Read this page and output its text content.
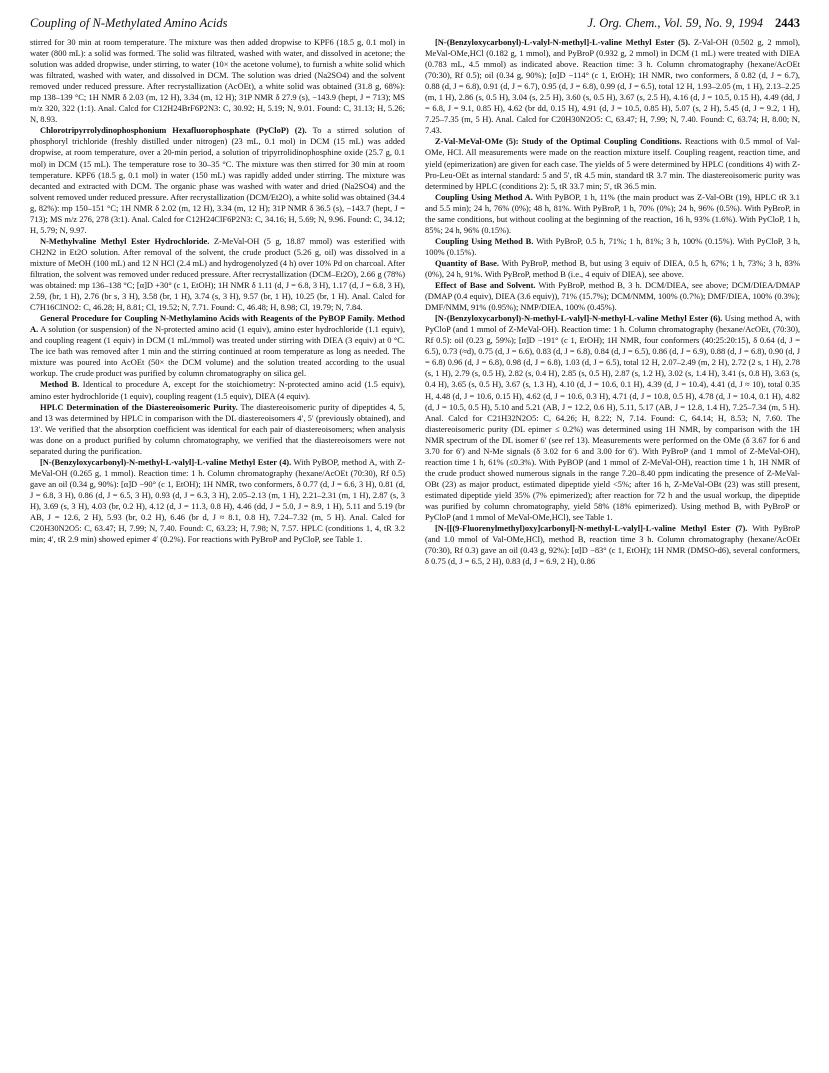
Coupling of N-Methylated Amino Acids	J. Org. Chem., Vol. 59, No. 9, 1994 2443

stirred for 30 min at room temperature. The mixture was then added dropwise to KPF6 (18.5 g, 0.1 mol) in water (800 mL): a solid was formed. The solid was filtrated, washed with water, and dissolved in acetone; the solution was added dropwise, under stirring, to water (10× the acetone volume), to furnish a white solid which was filtrated, washed with water, and dissolved in DCM. The solution was dried (Na2SO4) and the solvent removed under reduced pressure. After recrystallization (AcOEt), a white solid was obtained (31.8 g, 68%): mp 138–139 °C; 1H NMR δ 2.03 (m, 12 H), 3.34 (m, 12 H); 31P NMR δ 27.9 (s), −143.9 (hept, J = 713); MS m/z 320, 322 (1:1). Anal. Calcd for C12H24BrF6P2N3: C, 30.92; H, 5.19; N, 9.01. Found: C, 31.13; H, 5.26; N, 8.93.

Chlorotripyrrolydinophosphonium Hexafluorophosphate (PyCloP) (2). To a stirred solution of phosphoryl trichloride (freshly distilled under nitrogen) (23 mL, 0.1 mol) in DCM (15 mL) was added dropwise, at room temperature, over a 20-min period, a solution of tripyrrolidinophosphine oxide (25.7 g, 0.1 mol) in DCM (15 mL). The temperature rose to 30–35 °C. The mixture was then stirred for 30 min at room temperature. KPF6 (18.5 g, 0.1 mol) in water (150 mL) was rapidly added under stirring. The mixture was decanted and extracted with DCM. The organic phase was washed with water and dried (Na2SO4) and the solvent removed under reduced pressure. After recrystallization (DCM/Et2O), a white solid was obtained (34.4 g, 82%): mp 150–151 °C; 1H NMR δ 2.02 (m, 12 H), 3.34 (m, 12 H); 31P NMR δ 36.5 (s), −143.7 (hept, J = 713); MS m/z 276, 278 (3:1). Anal. Calcd for C12H24ClF6P2N3: C, 34.16; H, 5.69; N, 9.96. Found: C, 34.12; H, 5.79; N, 9.97.

N-Methylvaline Methyl Ester Hydrochloride. Z-MeVal-OH (5 g, 18.87 mmol) was esterified with CH2N2 in Et2O solution. After removal of the solvent, the crude product (5.26 g, oil) was dissolved in a mixture of MeOH (100 mL) and 12 N HCl (2.4 mL) and hydrogenolyzed (4 h) over 10% Pd on charcoal. After filtration, the solvent was removed under reduced pressure. After recrystallization (DCM–Et2O), 2.66 g (78%) was obtained: mp 136–138 °C; [α]D +30° (c 1, EtOH); 1H NMR δ 1.11 (d, J = 6.8, 3 H), 1.17 (d, J = 6.8, 3 H), 2.59, (br, 1 H), 2.76 (br s, 3 H), 3.58 (br, 1 H), 3.74 (s, 3 H), 9.57 (br, 1 H), 10.25 (br, 1 H). Anal. Calcd for C7H16ClNO2: C, 46.28; H, 8.81; Cl, 19.52; N, 7.71. Found: C, 46.48; H, 8.98; Cl, 19.79; N, 7.84.

General Procedure for Coupling N-Methylamino Acids with Reagents of the PyBOP Family. Method A. A solution (or suspension) of the N-protected amino acid (1 equiv), amino ester hydrochloride (1.1 equiv), and coupling reagent (1 equiv) in DCM (1 mL/mmol) was treated under stirring with DIEA (3 equiv) at 0 °C. The ice bath was removed after 1 min and the stirring continued at room temperature as long as needed. The mixture was poured into AcOEt (50× the DCM volume) and the solution treated according to the usual workup. The crude product was purified by column chromatography on silica gel.

Method B. Identical to procedure A, except for the stoichiometry: N-protected amino acid (1.5 equiv), amino ester hydrochloride (1 equiv), coupling reagent (1.5 equiv), DIEA (4 equiv).

HPLC Determination of the Diastereoisomeric Purity. The diastereoisomeric purity of dipeptides 4, 5, and 13 was determined by HPLC in comparison with the DL diastereoisomers 4′, 5′ (previously obtained), and 13′. We verified that the absorption coefficient was identical for each pair of diastereoisomers; when analysis was done on a product purified by column chromatography, we verified that the diastereoisomers were not separated during the purification.

[N-(Benzyloxycarbonyl)-N-methyl-L-valyl]-L-valine Methyl Ester (4). With PyBOP, method A, with Z-MeVal-OH (0.265 g, 1 mmol). Reaction time: 1 h. Column chromatography (hexane/AcOEt (70:30), Rf 0.5) gave an oil (0.34 g, 90%): [α]D −90° (c 1, EtOH); 1H NMR, two conformers, δ 0.77 (d, J = 6.6, 3 H), 0.81 (d, J = 6.8, 3 H), 0.86 (d, J = 6.5, 3 H), 0.93 (d, J = 6.3, 3 H), 2.05–2.13 (m, 1 H), 2.21–2.31 (m, 1 H), 2.87 (s, 3 H), 3.69 (s, 3 H), 4.03 (br, 0.2 H), 4.12 (d, J = 11.3, 0.8 H), 4.46 (dd, J = 5.0, J = 8.9, 1 H), 5.11 and 5.19 (br AB, J = 12.6, 2 H), 5.93 (br, 0.2 H), 6.46 (br d, J ≈ 8.1, 0.8 H), 7.24–7.32 (m, 5 H). Anal. Calcd for C20H30N2O5: C, 63.47; H, 7.99; N, 7.40. Found: C, 63.23; H, 7.98; N, 7.57. HPLC (conditions 1, 4, tR 3.2 min; 4′, tR 2.9 min) showed epimer 4′ (0.2%). For reactions with PyBroP and PyCloP, see Table 1.

[N-(Benzyloxycarbonyl)-L-valyl-N-methyl]-L-valine Methyl Ester (5). Z-Val-OH (0.502 g, 2 mmol), MeVal-OMe,HCl (0.182 g, 1 mmol), and PyBroP (0.932 g, 2 mmol) in DCM (1 mL) were treated with DIEA (0.783 mL, 4.5 mmol) as indicated above. Reaction time: 3 h. Column chromatography (hexane/AcOEt (70:30), Rf 0.5); oil (0.34 g, 90%); [α]D −114° (c 1, EtOH); 1H NMR, two conformers, δ 0.82 (d, J = 6.7), 0.88 (d, J = 6.8), 0.91 (d, J = 6.7), 0.95 (d, J = 6.8), 0.99 (d, J = 6.5), total 12 H, 1.93–2.05 (m, 1 H), 2.13–2.25 (m, 1 H), 2.86 (s, 0.5 H), 3.04 (s, 2.5 H), 3.60 (s, 0.5 H), 3.67 (s, 2.5 H), 4.16 (d, J = 10.5, 0.15 H), 4.49 (dd, J = 6.8, J = 9.1, 0.85 H), 4.62 (br dd, 0.15 H), 4.91 (d, J = 10.5, 0.85 H), 5.07 (s, 2 H), 5.45 (d, J = 9.2, 1 H), 7.25–7.35 (m, 5 H). Anal. Calcd for C20H30N2O5: C, 63.47; H, 7.99; N, 7.40. Found: C, 63.74; H, 8.00; N, 7.43.

Z-Val-MeVal-OMe (5): Study of the Optimal Coupling Conditions. Reactions with 0.5 mmol of Val-OMe, HCl. All measurements were made on the reaction mixture itself. Coupling reagent, reaction time, and yield (epimerization) are given for each case. The yields of 5 were determined by HPLC (conditions 4) with Z-Pro-Leu-OEt as internal standard: 5 and 5′, tR 4.5 min, standard tR 3.7 min. The diastereoisomeric purity was determined by HPLC (conditions 2): 5, tR 33.7 min; 5′, tR 36.5 min.

Coupling Using Method A. With PyBOP, 1 h, 11% (the main product was Z-Val-OBt (19), HPLC tR 3.1 and 5.5 min); 24 h, 76% (0%); 48 h, 81%. With PyBroP, 1 h, 70% (0%); 24 h, 96% (0.5%). With PyBroP, in the same conditions, but without cooling at the beginning of the reaction, 16 h, 93% (1.6%). With PyCloP, 1 h, 85%; 24 h, 96% (0.15%).

Coupling Using Method B. With PyBroP, 0.5 h, 71%; 1 h, 81%; 3 h, 100% (0.15%). With PyCloP, 3 h, 100% (0.15%).

Quantity of Base. With PyBroP, method B, but using 3 equiv of DIEA, 0.5 h, 67%; 1 h, 73%; 3 h, 83% (0%), 24 h, 91%. With PyBroP, method B (i.e., 4 equiv of DIEA), see above.

Effect of Base and Solvent. With PyBroP, method B, 3 h. DCM/DIEA, see above; DCM/DIEA/DMAP (DMAP (0.4 equiv), DIEA (3.6 equiv)), 71% (15.7%); DCM/NMM, 100% (0.7%); DMF/DIEA, 100% (0.3%); DMF/NMM, 91% (0.95%); NMP/DIEA, 100% (0.45%).

[N-(Benzyloxycarbonyl)-N-methyl-L-valyl]-N-methyl-L-valine Methyl Ester (6). Using method A, with PyCloP (and 1 mmol of Z-MeVal-OH). Reaction time: 1 h. Column chromatography (hexane/AcOEt, (70:30), Rf 0.5): oil (0.23 g, 59%); [α]D −191° (c 1, EtOH); 1H NMR, four conformers (40:25:20:15), δ 0.64 (d, J = 6.5), 0.73 (≈d), 0.75 (d, J = 6.6), 0.83 (d, J = 6.8), 0.84 (d, J = 6.5), 0.86 (d, J = 6.9), 0.88 (d, J = 6.8), 0.90 (d, J = 6.8) 0.96 (d, J = 6.8), 0.98 (d, J = 6.8), 1.03 (d, J = 6.5), total 12 H, 2.07–2.49 (m, 2 H), 2.72 (2 s, 1 H), 2.78 (s, 1 H), 2.79 (s, 0.5 H), 2.82 (s, 0.4 H), 2.85 (s, 0.5 H), 2.87 (s, 1.2 H), 3.02 (s, 1.4 H), 3.41 (s, 0.8 H), 3.63 (s, 0.4 H), 3.65 (s, 0.5 H), 3.67 (s, 1.3 H), 4.10 (d, J = 10.6, 0.1 H), 4.39 (d, J = 10.4), 4.41 (d, J ≈ 10), total 0.35 H, 4.48 (d, J = 10.6, 0.15 H), 4.62 (d, J = 10.6, 0.3 H), 4.71 (d, J = 10.8, 0.5 H), 4.78 (d, J = 10.4, 0.1 H), 4.82 (d, J = 10.5, 0.5 H), 5.10 and 5.21 (AB, J = 12.2, 0.6 H), 5.11, 5.17 (AB, J = 12.8, 1.4 H), 7.25–7.34 (m, 5 H). Anal. Calcd for C21H32N2O5: C, 64.26; H, 8.22; N, 7.14. Found: C, 64.14; H, 8.53; N, 7.60. The diastereoisomeric purity (DL epimer ≤ 0.2%) was determined using 1H NMR, by comparison with the 1H NMR spectrum of the DL isomer 6′ (see ref 13). Measurements were performed on the OMe (δ 3.67 for 6 and 3.70 for 6′) and N-Me signals (δ 3.02 for 6 and 3.00 for 6′). With PyBroP (and 1 mmol of Z-MeVal-OH), reaction time 1 h, 61% (≤0.3%). With PyBOP (and 1 mmol of Z-MeVal-OH), reaction time 1 h, 1H NMR of the crude product showed numerous signals in the range 7.20–8.40 ppm indicating the presence of Z-MeVal-OBt (23) as major product, estimated dipeptide yield <5%; after 16 h, Z-MeVal-OBt (23) was still present, estimated dipeptide yield 35% (7% epimerized); after reaction for 72 h and the usual workup, the dipeptide was purified by column chromatography, yield 58% (18% epimerized). Using method B, with PyBroP or PyCloP (and 1 mmol of MeVal-OMe,HCl), see Table 1.

[N-[[(9-Fluorenylmethyl)oxy]carbonyl]-N-methyl-L-valyl]-L-valine Methyl Ester (7). With PyBroP (and 1.0 mmol of Val-OMe,HCl), method B, reaction time 3 h. Column chromatography (hexane/AcOEt (70:30), Rf 0.3) gave an oil (0.43 g, 92%): [α]D −83° (c 1, EtOH); 1H NMR (DMSO-d6), several conformers, δ 0.75 (d, J = 6.5, 2 H), 0.83 (d, J = 6.9, 2 H), 0.86
